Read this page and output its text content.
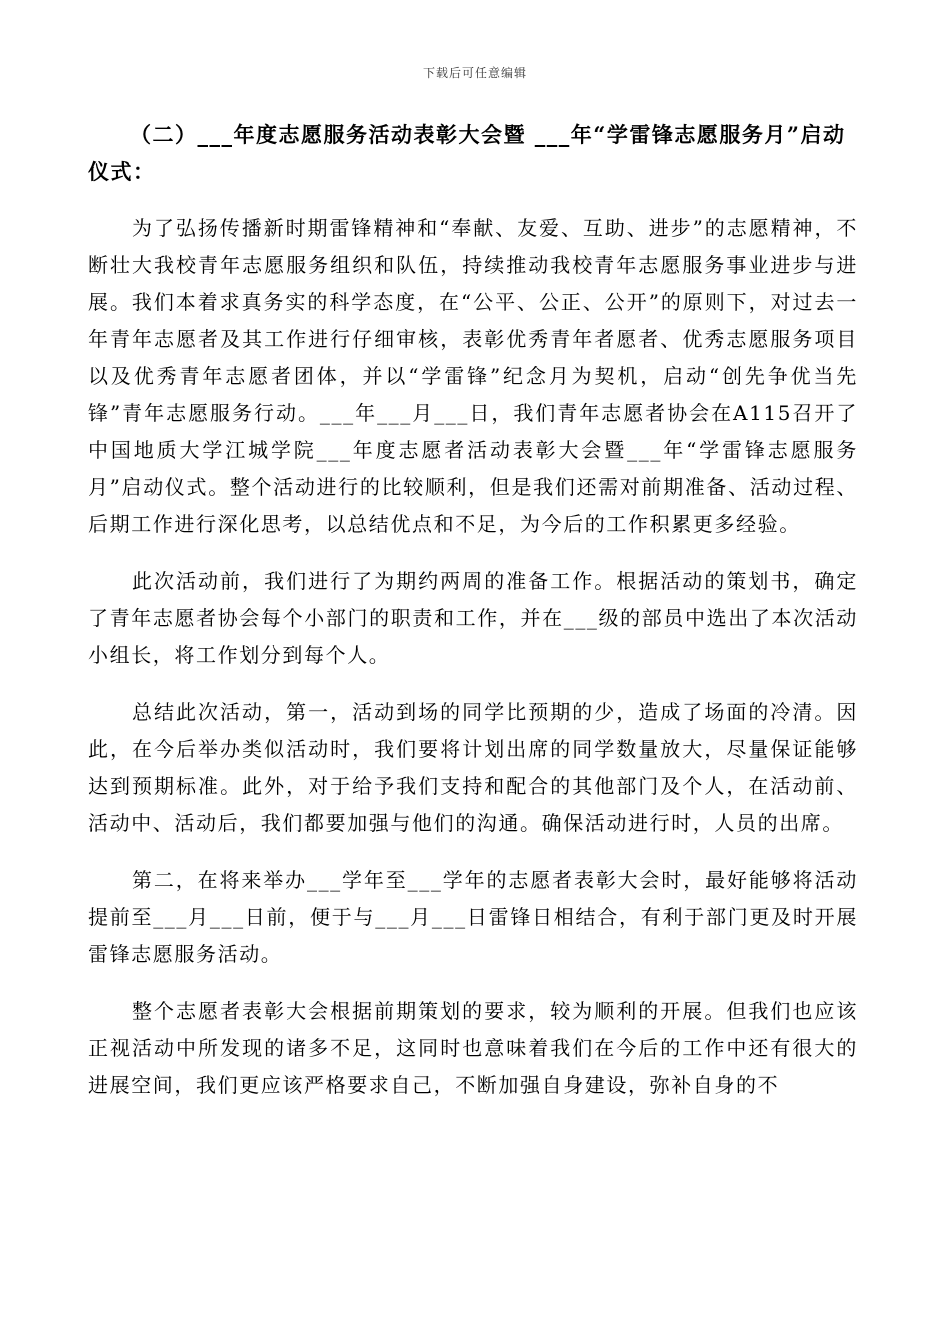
下载后可任意编辑

（二）___年度志愿服务活动表彰大会暨 ___年“学雷锋志愿服务月”启动仪式：

为了弘扬传播新时期雷锋精神和“奉献、友爱、互助、进步”的志愿精神，不断壮大我校青年志愿服务组织和队伍，持续推动我校青年志愿服务事业进步与进展。我们本着求真务实的科学态度，在“公平、公正、公开”的原则下，对过去一年青年志愿者及其工作进行仔细审核，表彰优秀青年者愿者、优秀志愿服务项目以及优秀青年志愿者团体，并以“学雷锋”纪念月为契机，启动“创先争优当先锋”青年志愿服务行动。___年___月___日，我们青年志愿者协会在A115召开了中国地质大学江城学院___年度志愿者活动表彰大会暨___年“学雷锋志愿服务月”启动仪式。整个活动进行的比较顺利，但是我们还需对前期准备、活动过程、后期工作进行深化思考，以总结优点和不足，为今后的工作积累更多经验。

此次活动前，我们进行了为期约两周的准备工作。根据活动的策划书，确定了青年志愿者协会每个小部门的职责和工作，并在___级的部员中选出了本次活动小组长，将工作划分到每个人。

总结此次活动，第一，活动到场的同学比预期的少，造成了场面的冷清。因此，在今后举办类似活动时，我们要将计划出席的同学数量放大，尽量保证能够达到预期标准。此外，对于给予我们支持和配合的其他部门及个人，在活动前、活动中、活动后，我们都要加强与他们的沟通。确保活动进行时，人员的出席。

第二，在将来举办___学年至___学年的志愿者表彰大会时，最好能够将活动提前至___月___日前，便于与___月___日雷锋日相结合，有利于部门更及时开展雷锋志愿服务活动。

整个志愿者表彰大会根据前期策划的要求，较为顺利的开展。但我们也应该正视活动中所发现的诸多不足，这同时也意味着我们在今后的工作中还有很大的进展空间，我们更应该严格要求自己，不断加强自身建设，弥补自身的不
